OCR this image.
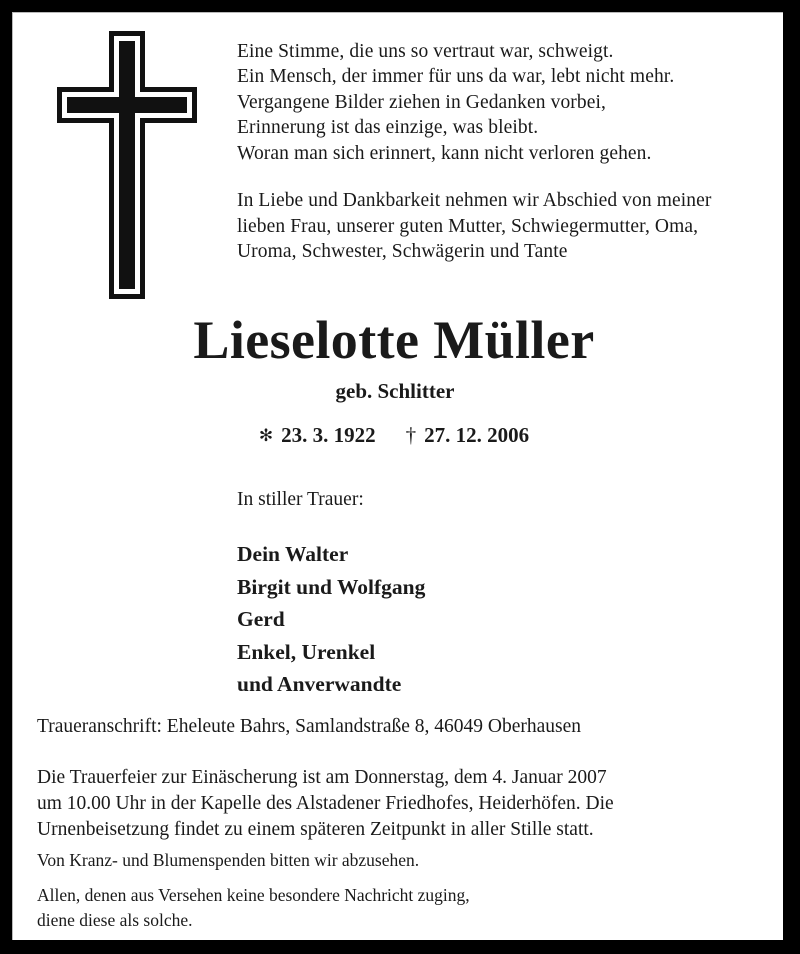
Eine Stimme, die uns so vertraut war, schweigt.
Ein Mensch, der immer für uns da war, lebt nicht mehr.
Vergangene Bilder ziehen in Gedanken vorbei,
Erinnerung ist das einzige, was bleibt.
Woran man sich erinnert, kann nicht verloren gehen.
In Liebe und Dankbarkeit nehmen wir Abschied von meiner
lieben Frau, unserer guten Mutter, Schwiegermutter, Oma,
Uroma, Schwester, Schwägerin und Tante
Lieselotte Müller
geb. Schlitter
✻ 23. 3. 1922 † 27. 12. 2006
In stiller Trauer:
Dein Walter
Birgit und Wolfgang
Gerd
Enkel, Urenkel
und Anverwandte
Traueranschrift: Eheleute Bahrs, Samlandstraße 8, 46049 Oberhausen
Die Trauerfeier zur Einäscherung ist am Donnerstag, dem 4. Januar 2007
um 10.00 Uhr in der Kapelle des Alstadener Friedhofes, Heiderhöfen. Die
Urnenbeisetzung findet zu einem späteren Zeitpunkt in aller Stille statt.
Von Kranz- und Blumenspenden bitten wir abzusehen.
Allen, denen aus Versehen keine besondere Nachricht zuging,
diene diese als solche.
